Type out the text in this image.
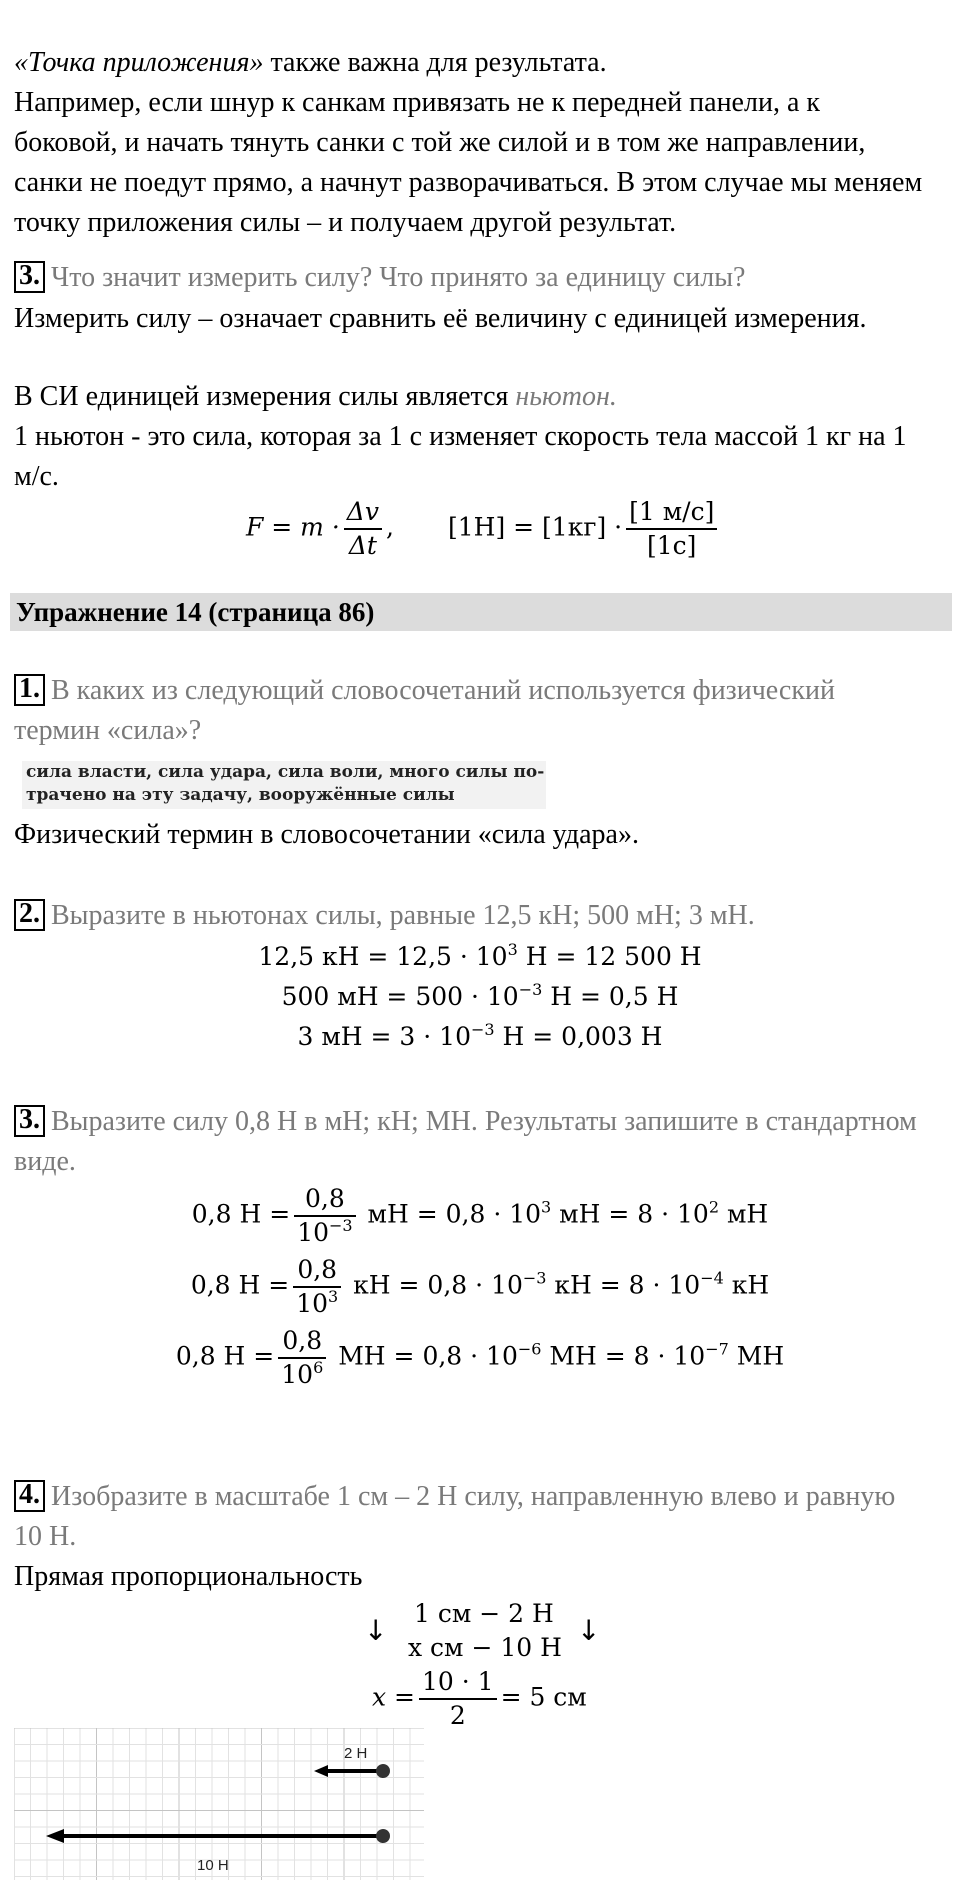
«Точка приложения» также важна для результата.
Например, если шнур к санкам привязать не к передней панели, а к
боковой, и начать тянуть санки с той же силой и в том же направлении,
санки не поедут прямо, а начнут разворачиваться. В этом случае мы меняем
точку приложения силы – и получаем другой результат.
3. Что значит измерить силу? Что принято за единицу силы?
Измерить силу – означает сравнить её величину с единицей измерения.
В СИ единицей измерения силы является ньютон.
1 ньютон - это сила, которая за 1 с изменяет скорость тела массой 1 кг на 1
м/с.
$F = m \cdot \frac{\Delta v}{\Delta t}$ , $[1Н] = [1кг] \cdot \frac{[1 м/с]}{[1с]}$
Упражнение 14 (страница 86)
1. В каких из следующий словосочетаний используется физический
термин «сила»?
сила власти, сила удара, сила воли, много силы по-
трачено на эту задачу, вооружённые силы
Физический термин в словосочетании «сила удара».
2. Выразите в ньютонах силы, равные 12,5 кН; 500 мН; 3 мН.
12,5 кН = $12,5 \cdot 10^3$ Н = 12 500 Н
500 мН = $500 \cdot 10^{-3}$ Н = 0,5 Н
3 мН = $3 \cdot 10^{-3}$ Н = 0,003 Н
3. Выразите силу 0,8 Н в мН; кН; МН. Результаты запишите в стандартном
виде.
0,8 $Н = \frac{0,8}{10^{-3}}$ мН = $0,8 \cdot 10^3$ мН = $8 \cdot 10^2$ мН
0,8 $Н = \frac{0,8}{10^3}$ кН = $0,8 \cdot 10^{-3}$ кН = $8 \cdot 10^{-4}$ кН
0,8 $Н = \frac{0,8}{10^6}$ МН = $0,8 \cdot 10^{-6}$ МН = $8 \cdot 10^{-7}$ МН
4. Изобразите в масштабе 1 см – 2 Н силу, направленную влево и равную
10 Н.
Прямая пропорциональность
↓
1 см − 2 Н
x см − 10 Н
↓
$x = \frac{10 \cdot 1}{2} = 5$ см
2 Н
10 Н
